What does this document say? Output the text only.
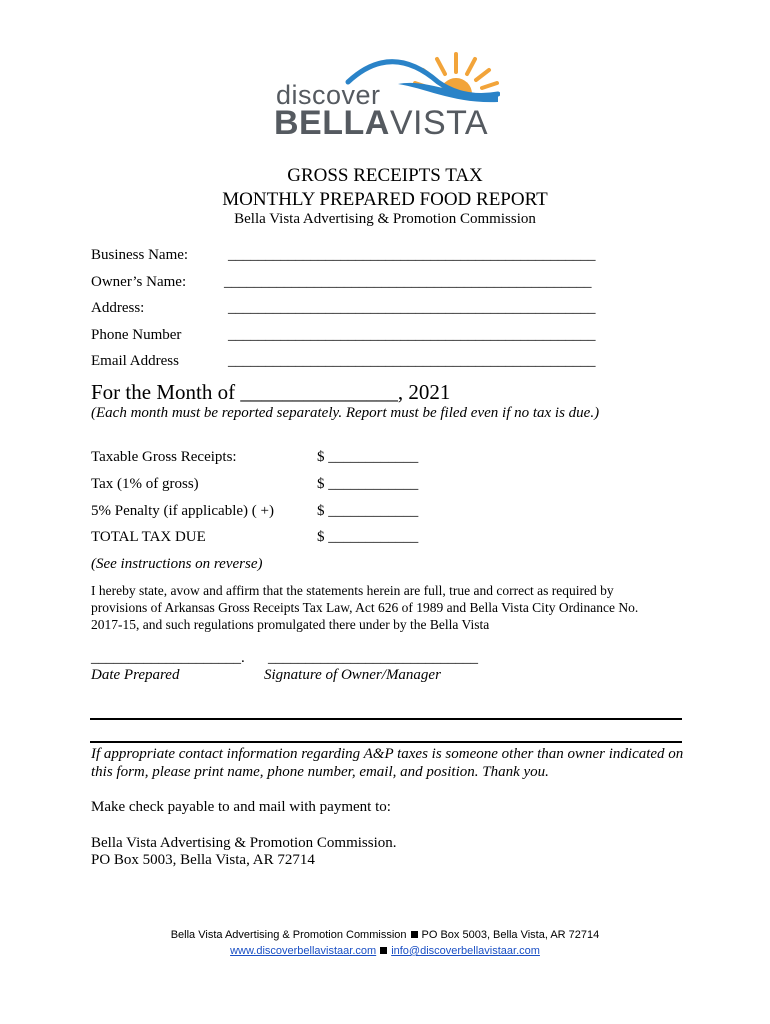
discover
BELLAVISTA
GROSS RECEIPTS TAX
MONTHLY PREPARED FOOD REPORT
Bella Vista Advertising & Promotion Commission
Business Name:	_________________________________________________
Owner’s Name:	_________________________________________________
Address:	_________________________________________________
Phone Number	_________________________________________________
Email Address	_________________________________________________
For the Month of _______________, 2021
(Each month must be reported separately. Report must be filed even if no tax is due.)
Taxable Gross Receipts:	$ ____________
Tax (1% of gross)	$ ____________
5% Penalty (if applicable) ( +)	$ ____________
TOTAL TAX DUE	$ ____________
(See instructions on reverse)
I hereby state, avow and affirm that the statements herein are full, true and correct as required by provisions of Arkansas Gross Receipts Tax Law, Act 626 of 1989 and Bella Vista City Ordinance No. 2017-15, and such regulations promulgated there under by the Bella Vista
____________________. ____________________________
Date Prepared	Signature of Owner/Manager
If appropriate contact information regarding A&P taxes is someone other than owner indicated on this form, please print name, phone number, email, and position. Thank you.
Make check payable to and mail with payment to:
Bella Vista Advertising & Promotion Commission.
PO Box 5003, Bella Vista, AR 72714
Bella Vista Advertising & Promotion Commission PO Box 5003, Bella Vista, AR 72714
www.discoverbellavistaar.com info@discoverbellavistaar.com
